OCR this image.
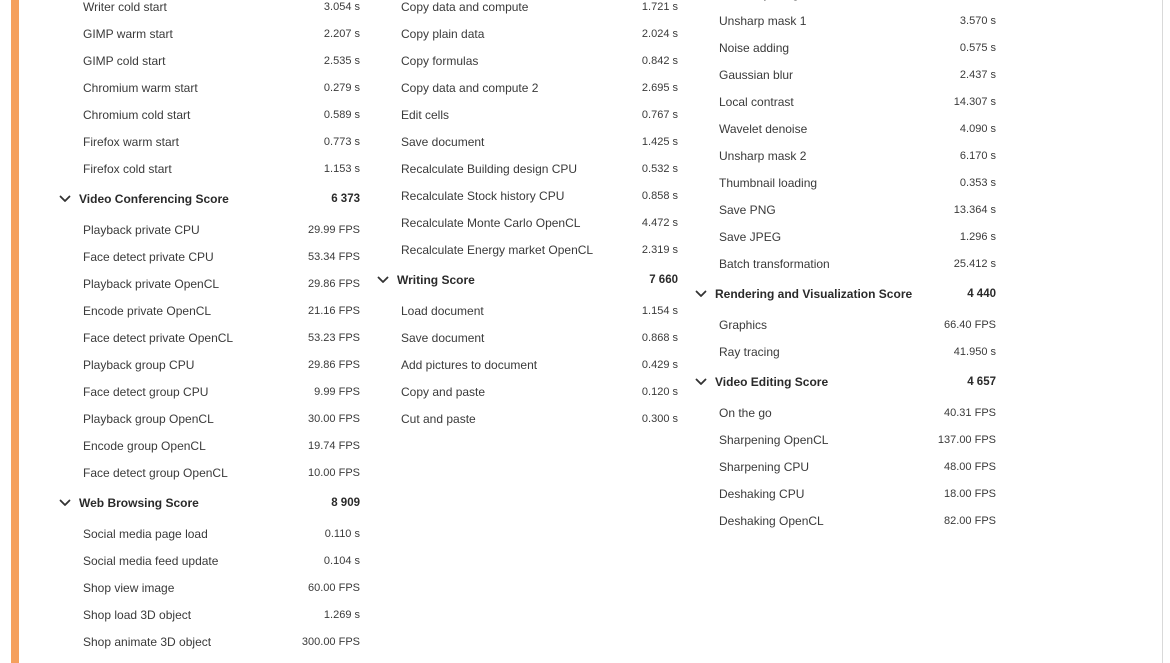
Writer cold start	3.054 s
GIMP warm start	2.207 s
GIMP cold start	2.535 s
Chromium warm start	0.279 s
Chromium cold start	0.589 s
Firefox warm start	0.773 s
Firefox cold start	1.153 s
Video Conferencing Score	6 373
Playback private CPU	29.99 FPS
Face detect private CPU	53.34 FPS
Playback private OpenCL	29.86 FPS
Encode private OpenCL	21.16 FPS
Face detect private OpenCL	53.23 FPS
Playback group CPU	29.86 FPS
Face detect group CPU	9.99 FPS
Playback group OpenCL	30.00 FPS
Encode group OpenCL	19.74 FPS
Face detect group OpenCL	10.00 FPS
Web Browsing Score	8 909
Social media page load	0.110 s
Social media feed update	0.104 s
Shop view image	60.00 FPS
Shop load 3D object	1.269 s
Shop animate 3D object	300.00 FPS
Copy data and compute	1.721 s
Copy plain data	2.024 s
Copy formulas	0.842 s
Copy data and compute 2	2.695 s
Edit cells	0.767 s
Save document	1.425 s
Recalculate Building design CPU	0.532 s
Recalculate Stock history CPU	0.858 s
Recalculate Monte Carlo OpenCL	4.472 s
Recalculate Energy market OpenCL	2.319 s
Writing Score	7 660
Load document	1.154 s
Save document	0.868 s
Add pictures to document	0.429 s
Copy and paste	0.120 s
Cut and paste	0.300 s
Unsharp mask 1	3.570 s
Noise adding	0.575 s
Gaussian blur	2.437 s
Local contrast	14.307 s
Wavelet denoise	4.090 s
Unsharp mask 2	6.170 s
Thumbnail loading	0.353 s
Save PNG	13.364 s
Save JPEG	1.296 s
Batch transformation	25.412 s
Rendering and Visualization Score	4 440
Graphics	66.40 FPS
Ray tracing	41.950 s
Video Editing Score	4 657
On the go	40.31 FPS
Sharpening OpenCL	137.00 FPS
Sharpening CPU	48.00 FPS
Deshaking CPU	18.00 FPS
Deshaking OpenCL	82.00 FPS
